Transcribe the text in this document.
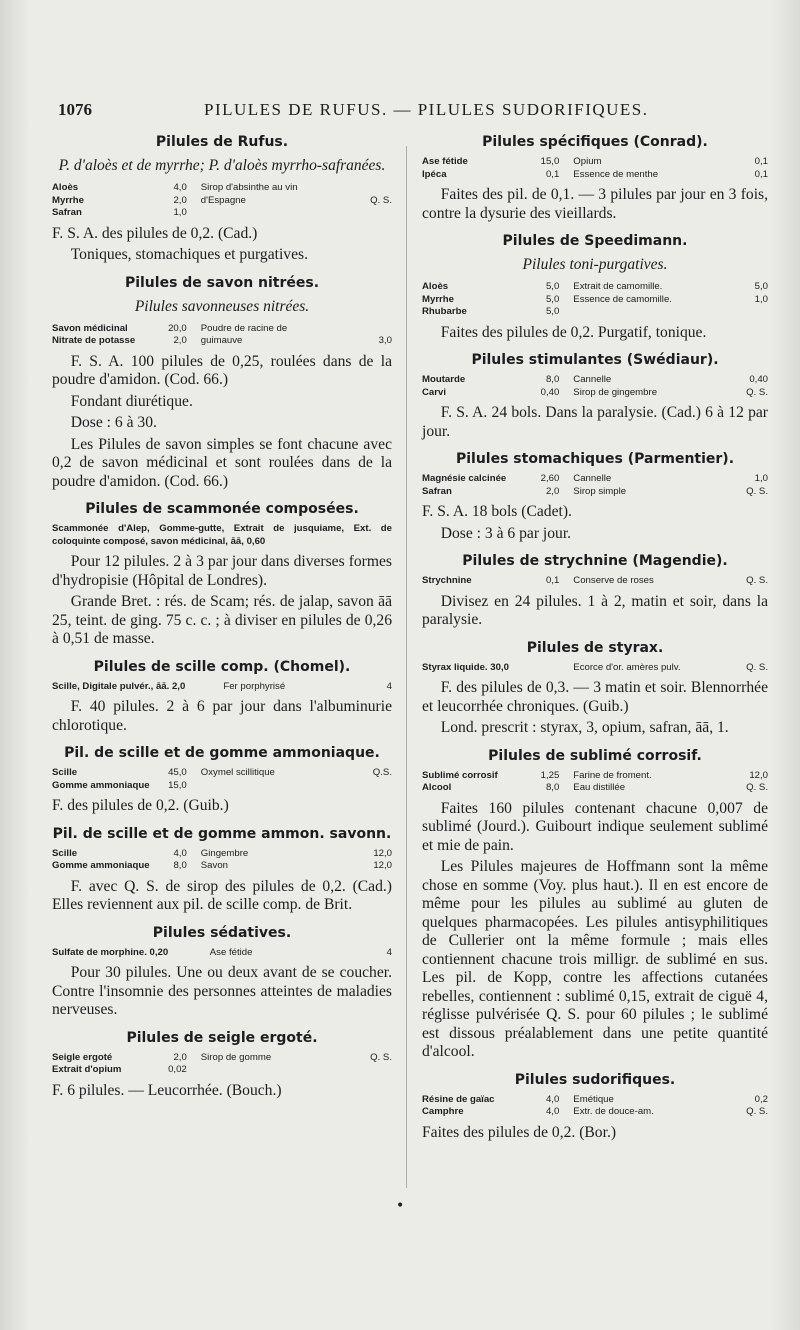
1076	PILULES DE RUFUS. — PILULES SUDORIFIQUES.
Pilules de Rufus.
P. d'aloès et de myrrhe; P. d'aloès myrrho-safranées.
Aloès	4,0	Sirop d'absinthe au vin	
Myrrhe	2,0	d'Espagne	Q. S.
Safran	1,0		
F. S. A. des pilules de 0,2. (Cad.)
Toniques, stomachiques et purgatives.
Pilules de savon nitrées.
Pilules savonneuses nitrées.
Savon médicinal	20,0	Poudre de racine de	
Nitrate de potasse	2,0	guimauve	3,0
F. S. A. 100 pilules de 0,25, roulées dans de la poudre d'amidon. (Cod. 66.)
Fondant diurétique.
Dose : 6 à 30.
Les Pilules de savon simples se font chacune avec 0,2 de savon médicinal et sont roulées dans de la poudre d'amidon. (Cod. 66.)
Pilules de scammonée composées.
Scammonée d'Alep, Gomme-gutte, Extrait de jusquiame, Ext. de coloquinte composé, savon médicinal, āā, 0,60
Pour 12 pilules. 2 à 3 par jour dans diverses formes d'hydropisie (Hôpital de Londres).
Grande Bret. : rés. de Scam; rés. de jalap, savon āā 25, teint. de ging. 75 c. c. ; à diviser en pilules de 0,26 à 0,51 de masse.
Pilules de scille comp. (Chomel).
Scille, Digitale pulvér., āā. 2,0		Fer porphyrisé	4
F. 40 pilules. 2 à 6 par jour dans l'albuminurie chlorotique.
Pil. de scille et de gomme ammoniaque.
Scille	45,0	Oxymel scillitique	Q.S.
Gomme ammoniaque	15,0		
F. des pilules de 0,2. (Guib.)
Pil. de scille et de gomme ammon. savonn.
Scille	4,0	Gingembre	12,0
Gomme ammoniaque	8,0	Savon	12,0
F. avec Q. S. de sirop des pilules de 0,2. (Cad.) Elles reviennent aux pil. de scille comp. de Brit.
Pilules sédatives.
Sulfate de morphine. 0,20		Ase fétide	4
Pour 30 pilules. Une ou deux avant de se coucher. Contre l'insomnie des personnes atteintes de maladies nerveuses.
Pilules de seigle ergoté.
Seigle ergoté	2,0	Sirop de gomme	Q. S.
Extrait d'opium	0,02		
F. 6 pilules. — Leucorrhée. (Bouch.)
Pilules spécifiques (Conrad).
Ase fétide	15,0	Opium	0,1
Ipéca	0,1	Essence de menthe	0,1
Faites des pil. de 0,1. — 3 pilules par jour en 3 fois, contre la dysurie des vieillards.
Pilules de Speedimann.
Pilules toni-purgatives.
Aloès	5,0	Extrait de camomille.	5,0
Myrrhe	5,0	Essence de camomille.	1,0
Rhubarbe	5,0		
Faites des pilules de 0,2. Purgatif, tonique.
Pilules stimulantes (Swédiaur).
Moutarde	8,0	Cannelle	0,40
Carvi	0,40	Sirop de gingembre	Q. S.
F. S. A. 24 bols. Dans la paralysie. (Cad.) 6 à 12 par jour.
Pilules stomachiques (Parmentier).
Magnésie calcinée	2,60	Cannelle	1,0
Safran	2,0	Sirop simple	Q. S.
F. S. A. 18 bols (Cadet).
Dose : 3 à 6 par jour.
Pilules de strychnine (Magendie).
Strychnine	0,1	Conserve de roses	Q. S.
Divisez en 24 pilules. 1 à 2, matin et soir, dans la paralysie.
Pilules de styrax.
Styrax liquide. 30,0		Ecorce d'or. amères pulv.	Q. S.
F. des pilules de 0,3. — 3 matin et soir. Blennorrhée et leucorrhée chroniques. (Guib.)
Lond. prescrit : styrax, 3, opium, safran, āā, 1.
Pilules de sublimé corrosif.
Sublimé corrosif	1,25	Farine de froment.	12,0
Alcool	8,0	Eau distillée	Q. S.
Faites 160 pilules contenant chacune 0,007 de sublimé (Jourd.). Guibourt indique seulement sublimé et mie de pain.
Les Pilules majeures de Hoffmann sont la même chose en somme (Voy. plus haut.). Il en est encore de même pour les pilules au sublimé au gluten de quelques pharmacopées. Les pilules antisyphilitiques de Cullerier ont la même formule ; mais elles contiennent chacune trois milligr. de sublimé en sus. Les pil. de Kopp, contre les affections cutanées rebelles, contiennent : sublimé 0,15, extrait de ciguë 4, réglisse pulvérisée Q. S. pour 60 pilules ; le sublimé est dissous préalablement dans une petite quantité d'alcool.
Pilules sudorifiques.
Résine de gaïac	4,0	Emétique	0,2
Camphre	4,0	Extr. de douce-am.	Q. S.
Faites des pilules de 0,2. (Bor.)
•
